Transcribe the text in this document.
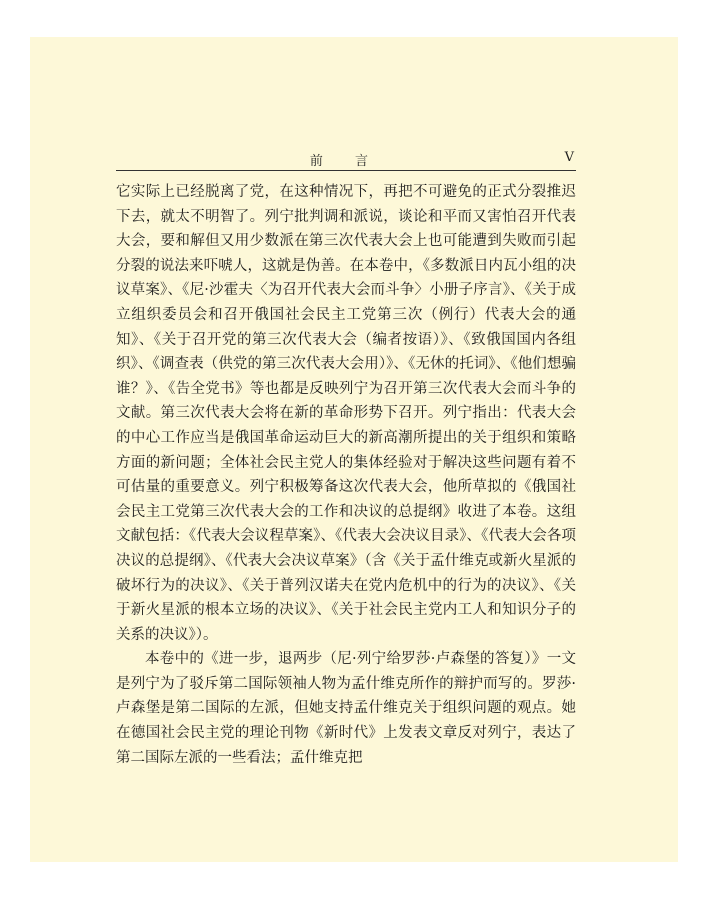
前 言	V

它实际上已经脱离了党，在这种情况下，再把不可避免的正式分裂推迟下去，就太不明智了。列宁批判调和派说，谈论和平而又害怕召开代表大会，要和解但又用少数派在第三次代表大会上也可能遭到失败而引起分裂的说法来吓唬人，这就是伪善。在本卷中，《多数派日内瓦小组的决议草案》、《尼·沙霍夫〈为召开代表大会而斗争〉小册子序言》、《关于成立组织委员会和召开俄国社会民主工党第三次（例行）代表大会的通知》、《关于召开党的第三次代表大会（编者按语）》、《致俄国国内各组织》、《调查表（供党的第三次代表大会用）》、《无休的托词》、《他们想骗谁？》、《告全党书》等也都是反映列宁为召开第三次代表大会而斗争的文献。第三次代表大会将在新的革命形势下召开。列宁指出：代表大会的中心工作应当是俄国革命运动巨大的新高潮所提出的关于组织和策略方面的新问题；全体社会民主党人的集体经验对于解决这些问题有着不可估量的重要意义。列宁积极筹备这次代表大会，他所草拟的《俄国社会民主工党第三次代表大会的工作和决议的总提纲》收进了本卷。这组文献包括：《代表大会议程草案》、《代表大会决议目录》、《代表大会各项决议的总提纲》、《代表大会决议草案》（含《关于孟什维克或新火星派的破坏行为的决议》、《关于普列汉诺夫在党内危机中的行为的决议》、《关于新火星派的根本立场的决议》、《关于社会民主党内工人和知识分子的关系的决议》）。

本卷中的《进一步，退两步（尼·列宁给罗莎·卢森堡的答复）》一文是列宁为了驳斥第二国际领袖人物为孟什维克所作的辩护而写的。罗莎·卢森堡是第二国际的左派，但她支持孟什维克关于组织问题的观点。她在德国社会民主党的理论刊物《新时代》上发表文章反对列宁，表达了第二国际左派的一些看法；孟什维克把
